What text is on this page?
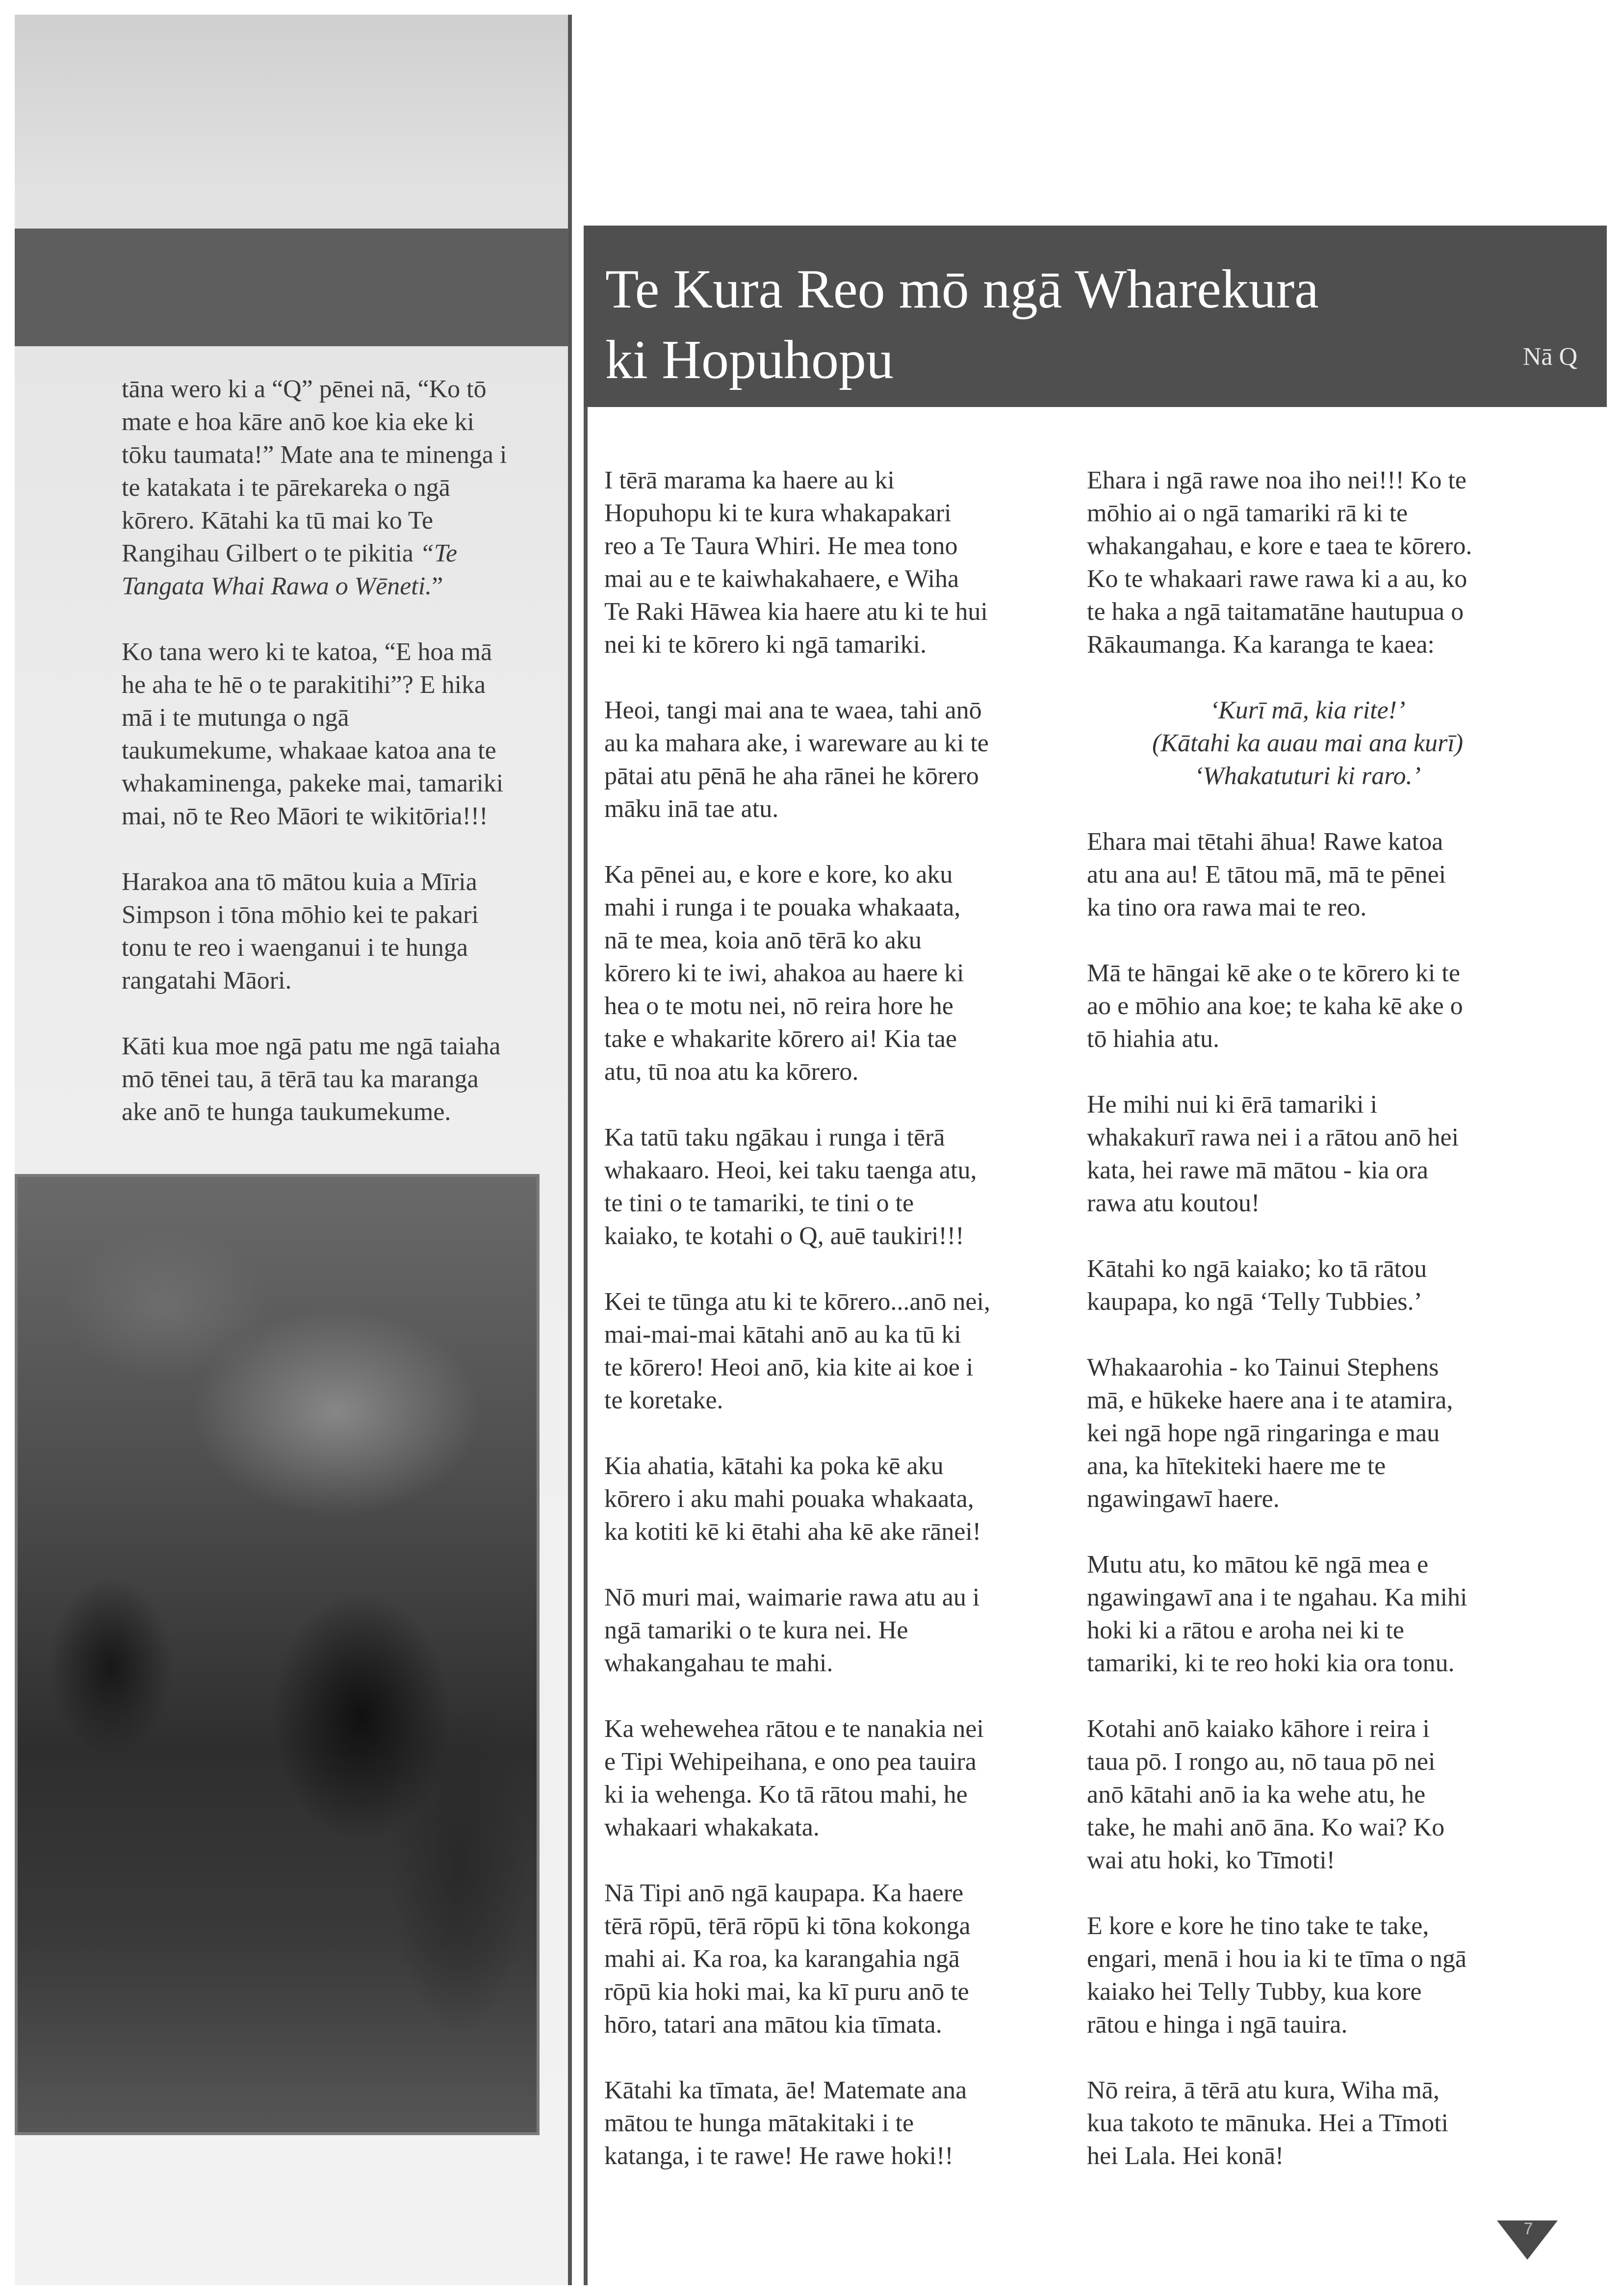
tāna wero ki a “Q” pēnei nā, “Ko tō
mate e hoa kāre anō koe kia eke ki
tōku taumata!” Mate ana te minenga i
te katakata i te pārekareka o ngā
kōrero. Kātahi ka tū mai ko Te
Rangihau Gilbert o te pikitia “Te
Tangata Whai Rawa o Wēneti.”

Ko tana wero ki te katoa, “E hoa mā
he aha te hē o te parakitihi”? E hika
mā i te mutunga o ngā
taukumekume, whakaae katoa ana te
whakaminenga, pakeke mai, tamariki
mai, nō te Reo Māori te wikitōria!!!

Harakoa ana tō mātou kuia a Mīria
Simpson i tōna mōhio kei te pakari
tonu te reo i waenganui i te hunga
rangatahi Māori.

Kāti kua moe ngā patu me ngā taiaha
mō tēnei tau, ā tērā tau ka maranga
ake anō te hunga taukumekume.

Te Kura Reo mō ngā Wharekura
ki Hopuhopu	Nā Q

I tērā marama ka haere au ki
Hopuhopu ki te kura whakapakari
reo a Te Taura Whiri. He mea tono
mai au e te kaiwhakahaere, e Wiha
Te Raki Hāwea kia haere atu ki te hui
nei ki te kōrero ki ngā tamariki.

Heoi, tangi mai ana te waea, tahi anō
au ka mahara ake, i wareware au ki te
pātai atu pēnā he aha rānei he kōrero
māku inā tae atu.

Ka pēnei au, e kore e kore, ko aku
mahi i runga i te pouaka whakaata,
nā te mea, koia anō tērā ko aku
kōrero ki te iwi, ahakoa au haere ki
hea o te motu nei, nō reira hore he
take e whakarite kōrero ai! Kia tae
atu, tū noa atu ka kōrero.

Ka tatū taku ngākau i runga i tērā
whakaaro. Heoi, kei taku taenga atu,
te tini o te tamariki, te tini o te
kaiako, te kotahi o Q, auē taukiri!!!

Kei te tūnga atu ki te kōrero...anō nei,
mai-mai-mai kātahi anō au ka tū ki
te kōrero! Heoi anō, kia kite ai koe i
te koretake.

Kia ahatia, kātahi ka poka kē aku
kōrero i aku mahi pouaka whakaata,
ka kotiti kē ki ētahi aha kē ake rānei!

Nō muri mai, waimarie rawa atu au i
ngā tamariki o te kura nei. He
whakangahau te mahi.

Ka wehewehea rātou e te nanakia nei
e Tipi Wehipeihana, e ono pea tauira
ki ia wehenga. Ko tā rātou mahi, he
whakaari whakakata.

Nā Tipi anō ngā kaupapa. Ka haere
tērā rōpū, tērā rōpū ki tōna kokonga
mahi ai. Ka roa, ka karangahia ngā
rōpū kia hoki mai, ka kī puru anō te
hōro, tatari ana mātou kia tīmata.

Kātahi ka tīmata, āe! Matemate ana
mātou te hunga mātakitaki i te
katanga, i te rawe! He rawe hoki!!

Ehara i ngā rawe noa iho nei!!! Ko te
mōhio ai o ngā tamariki rā ki te
whakangahau, e kore e taea te kōrero.
Ko te whakaari rawe rawa ki a au, ko
te haka a ngā taitamatāne hautupua o
Rākaumanga. Ka karanga te kaea:

‘Kurī mā, kia rite!’
(Kātahi ka auau mai ana kurī)
‘Whakatuturi ki raro.’

Ehara mai tētahi āhua! Rawe katoa
atu ana au! E tātou mā, mā te pēnei
ka tino ora rawa mai te reo.

Mā te hāngai kē ake o te kōrero ki te
ao e mōhio ana koe; te kaha kē ake o
tō hiahia atu.

He mihi nui ki ērā tamariki i
whakakurī rawa nei i a rātou anō hei
kata, hei rawe mā mātou - kia ora
rawa atu koutou!

Kātahi ko ngā kaiako; ko tā rātou
kaupapa, ko ngā ‘Telly Tubbies.’

Whakaarohia - ko Tainui Stephens
mā, e hūkeke haere ana i te atamira,
kei ngā hope ngā ringaringa e mau
ana, ka hītekiteki haere me te
ngawingawī haere.

Mutu atu, ko mātou kē ngā mea e
ngawingawī ana i te ngahau. Ka mihi
hoki ki a rātou e aroha nei ki te
tamariki, ki te reo hoki kia ora tonu.

Kotahi anō kaiako kāhore i reira i
taua pō. I rongo au, nō taua pō nei
anō kātahi anō ia ka wehe atu, he
take, he mahi anō āna. Ko wai? Ko
wai atu hoki, ko Tīmoti!

E kore e kore he tino take te take,
engari, menā i hou ia ki te tīma o ngā
kaiako hei Telly Tubby, kua kore
rātou e hinga i ngā tauira.

Nō reira, ā tērā atu kura, Wiha mā,
kua takoto te mānuka. Hei a Tīmoti
hei Lala. Hei konā!

7
